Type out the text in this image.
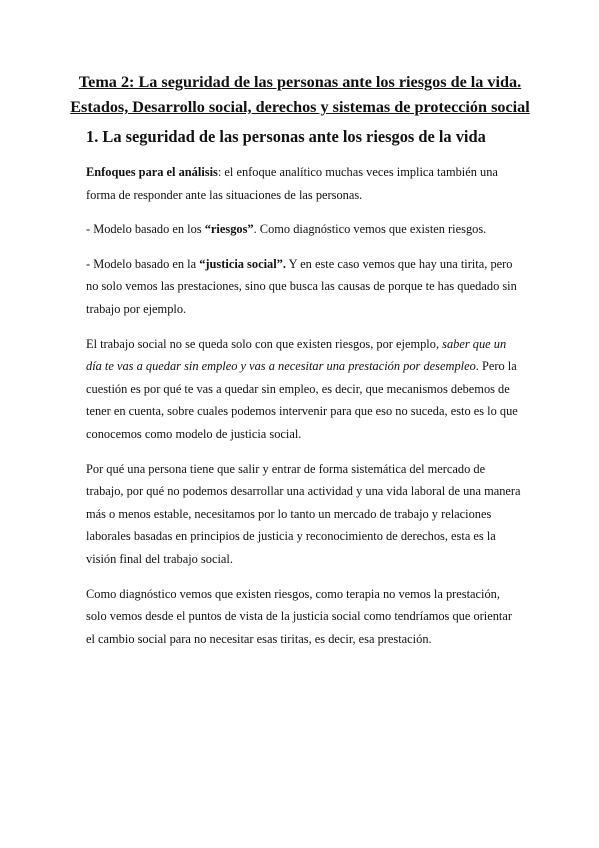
Tema 2: La seguridad de las personas ante los riesgos de la vida.
Estados, Desarrollo social, derechos y sistemas de protección social
1. La seguridad de las personas ante los riesgos de la vida

Enfoques para el análisis: el enfoque analítico muchas veces implica también una forma de responder ante las situaciones de las personas.

- Modelo basado en los “riesgos”. Como diagnóstico vemos que existen riesgos.

- Modelo basado en la “justicia social”. Y en este caso vemos que hay una tirita, pero no solo vemos las prestaciones, sino que busca las causas de porque te has quedado sin trabajo por ejemplo.

El trabajo social no se queda solo con que existen riesgos, por ejemplo, saber que un día te vas a quedar sin empleo y vas a necesitar una prestación por desempleo. Pero la cuestión es por qué te vas a quedar sin empleo, es decir, que mecanismos debemos de tener en cuenta, sobre cuales podemos intervenir para que eso no suceda, esto es lo que conocemos como modelo de justicia social.

Por qué una persona tiene que salir y entrar de forma sistemática del mercado de trabajo, por qué no podemos desarrollar una actividad y una vida laboral de una manera más o menos estable, necesitamos por lo tanto un mercado de trabajo y relaciones laborales basadas en principios de justicia y reconocimiento de derechos, esta es la visión final del trabajo social.

Como diagnóstico vemos que existen riesgos, como terapia no vemos la prestación, solo vemos desde el puntos de vista de la justicia social como tendríamos que orientar el cambio social para no necesitar esas tiritas, es decir, esa prestación.
